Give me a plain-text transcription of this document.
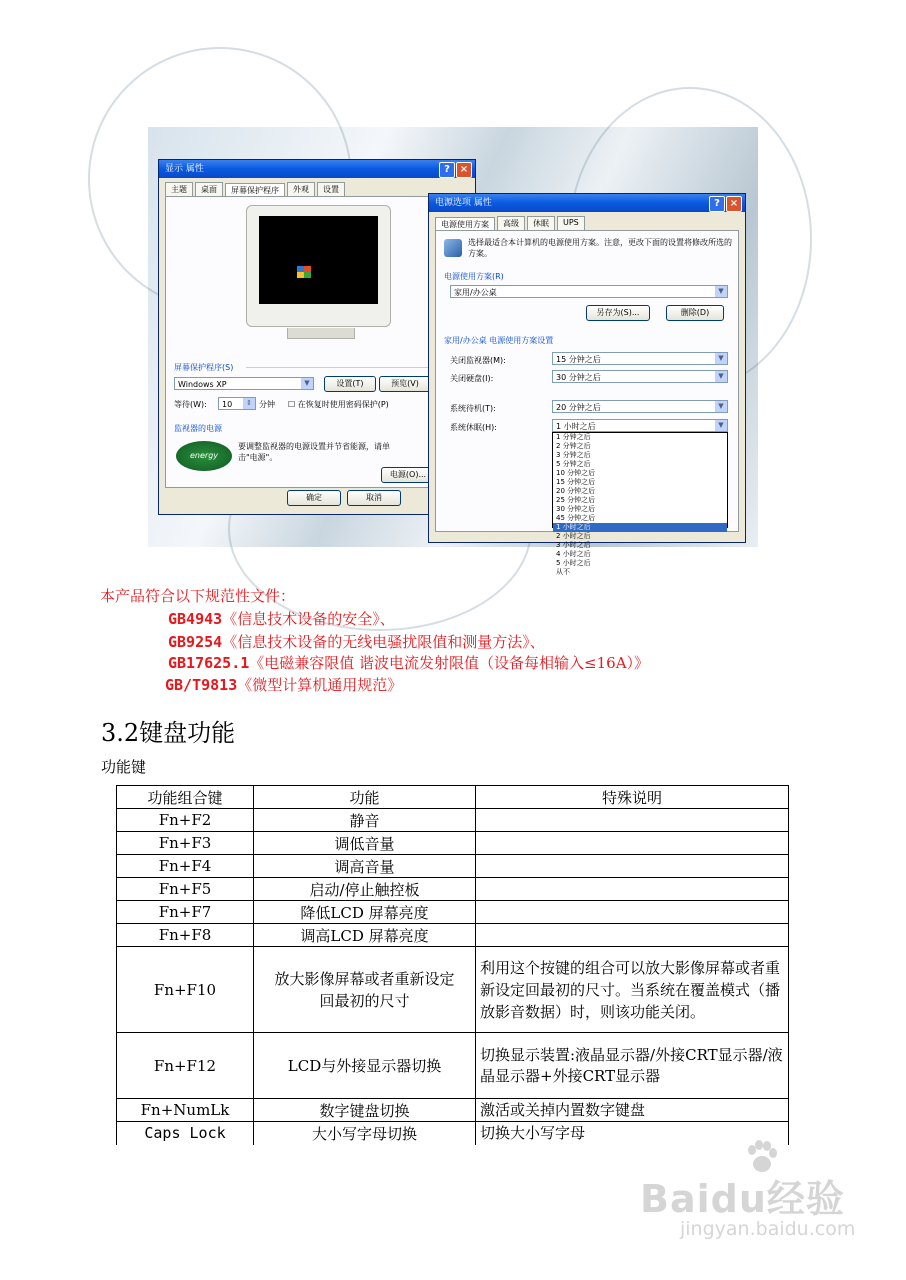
显示 属性	? ×
主题	桌面	屏幕保护程序	外观	设置
屏幕保护程序(S)
Windows XP	▼	设置(T)	预览(V)
等待(W):	10	⇕ 分钟 ☐ 在恢复时使用密码保护(P)
监视器的电源
energy
要调整监视器的电源设置并节省能源，请单击"电源"。
电源(O)...
确定	取消
电源选项 属性	? ×
电源使用方案	高级	休眠	UPS
选择最适合本计算机的电源使用方案。注意，更改下面的设置将修改所选的方案。
电源使用方案(R)
家用/办公桌	▼
另存为(S)...	删除(D)
家用/办公桌 电源使用方案设置
关闭监视器(M):	15 分钟之后	▼
关闭硬盘(I):	30 分钟之后	▼
系统待机(T):	20 分钟之后	▼
系统休眠(H):	1 小时之后	▼
1 分钟之后
2 分钟之后
3 分钟之后
5 分钟之后
10 分钟之后
15 分钟之后
20 分钟之后
25 分钟之后
30 分钟之后
45 分钟之后
1 小时之后
2 小时之后
3 小时之后
4 小时之后
5 小时之后
从不
本产品符合以下规范性文件：
GB4943《信息技术设备的安全》、
GB9254《信息技术设备的无线电骚扰限值和测量方法》、
GB17625.1《电磁兼容限值 谐波电流发射限值（设备每相输入≤16A）》
GB/T9813《微型计算机通用规范》
3.2键盘功能
功能键
功能组合键	功能	特殊说明
Fn+F2	静音	
Fn+F3	调低音量	
Fn+F4	调高音量	
Fn+F5	启动/停止触控板	
Fn+F7	降低LCD 屏幕亮度	
Fn+F8	调高LCD 屏幕亮度	
Fn+F10	放大影像屏幕或者重新设定回最初的尺寸	利用这个按键的组合可以放大影像屏幕或者重新设定回最初的尺寸。当系统在覆盖模式（播放影音数据）时，则该功能关闭。
Fn+F12	LCD与外接显示器切换	切换显示装置:液晶显示器/外接CRT显示器/液晶显示器+外接CRT显示器
Fn+NumLk	数字键盘切换	激活或关掉内置数字键盘
Caps Lock	大小写字母切换	切换大小写字母
Baidu经验
jingyan.baidu.com
